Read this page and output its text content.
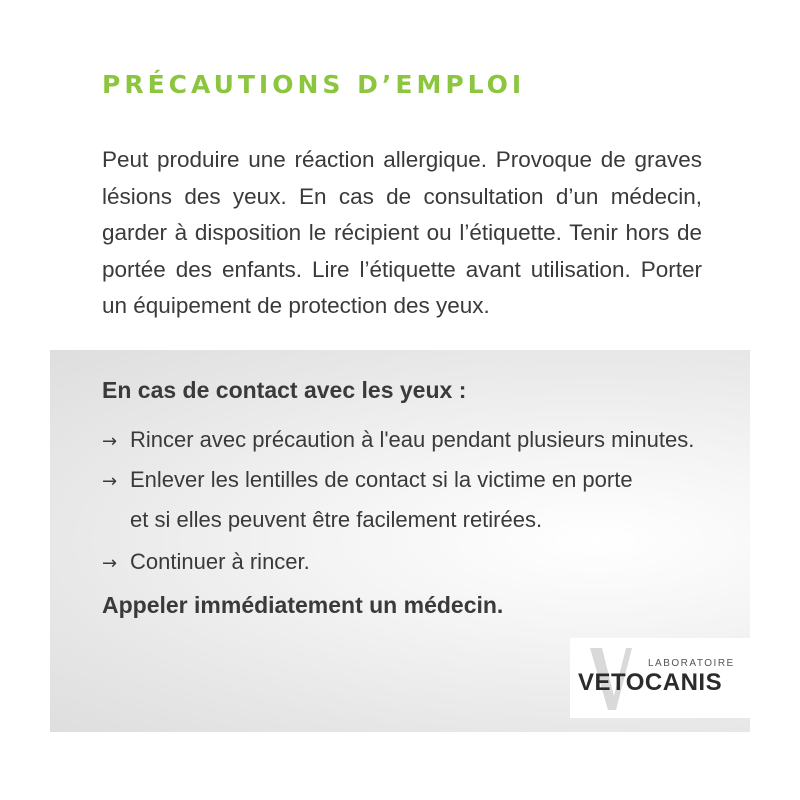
PRÉCAUTIONS D’EMPLOI
Peut produire une réaction allergique. Provoque de graves lésions des yeux. En cas de consultation d’un médecin, garder à disposition le récipient ou l’étiquette. Tenir hors de portée des enfants. Lire l’étiquette avant utilisation. Porter un équipement de protection des yeux.
En cas de contact avec les yeux :
→ Rincer avec précaution à l'eau pendant plusieurs minutes.
→ Enlever les lentilles de contact si la victime en porte
et si elles peuvent être facilement retirées.
→ Continuer à rincer.
Appeler immédiatement un médecin.
LABORATOIRE
VETOCANIS
